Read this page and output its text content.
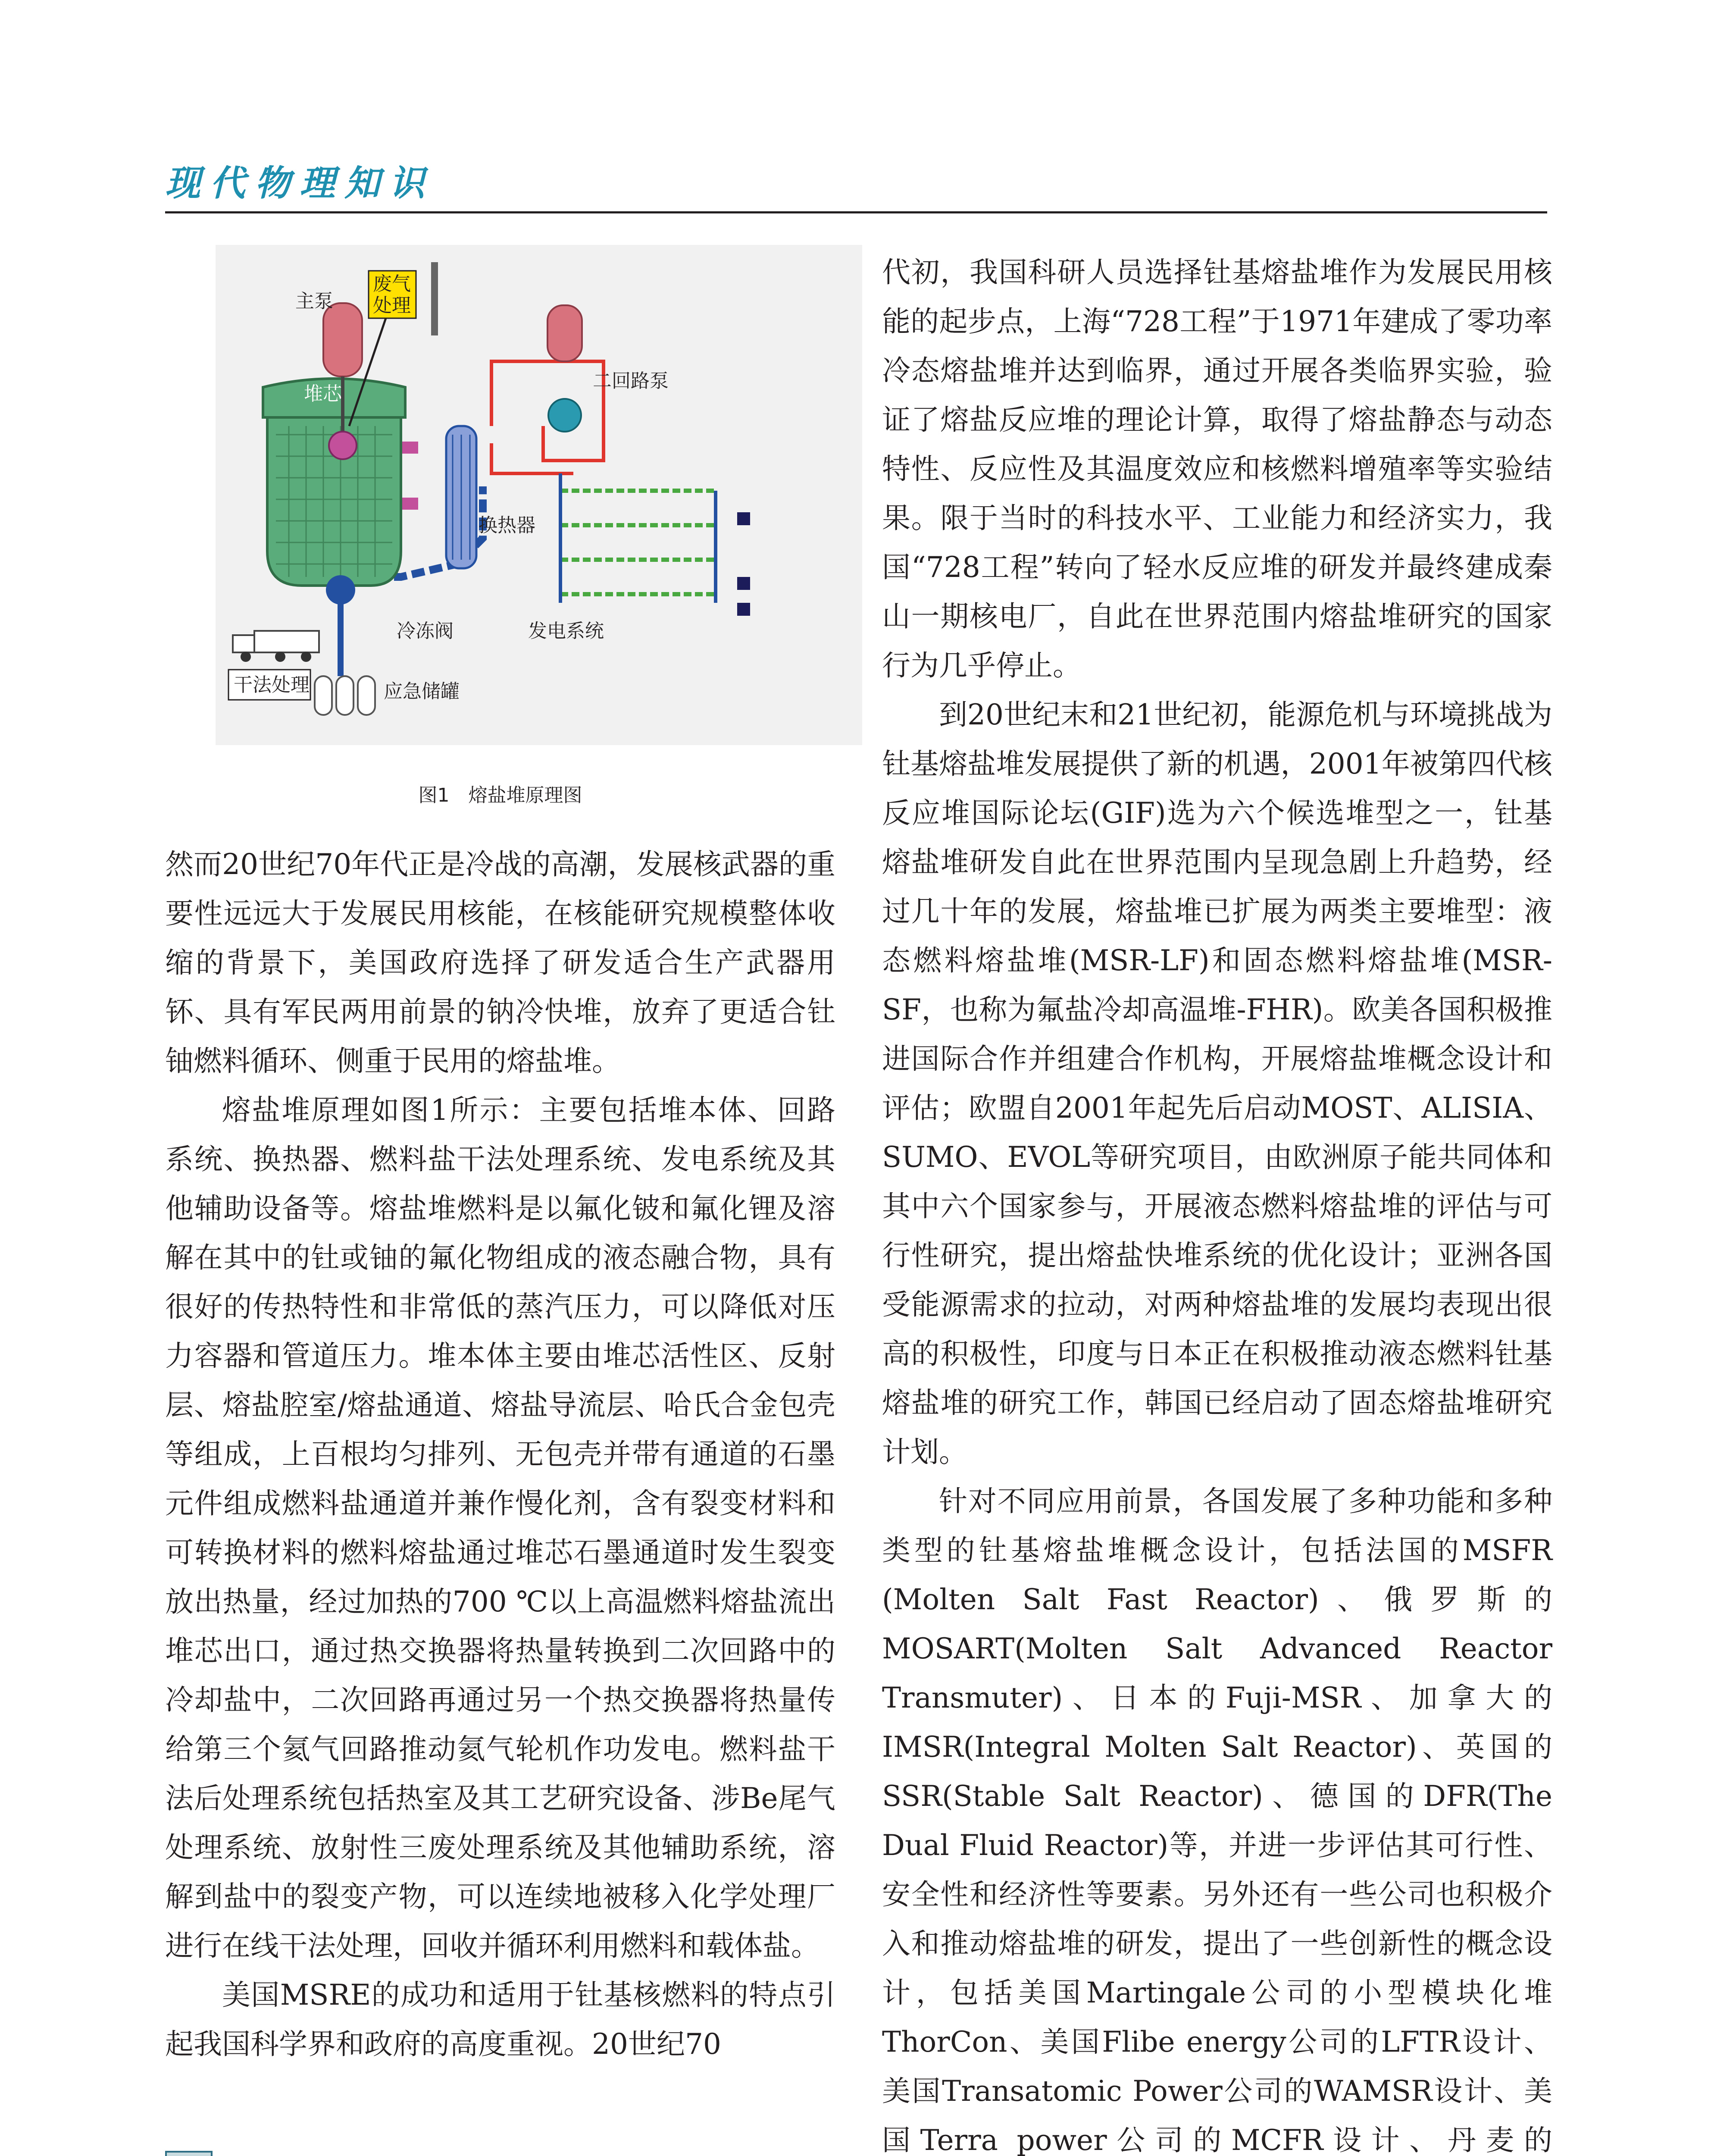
现代物理知识
主泵
废气
处理
堆芯
二回路泵
换热器
冷冻阀	发电系统
干法处理	应急储罐
图1　熔盐堆原理图

然而20世纪70年代正是冷战的高潮，发展核武器的重要性远远大于发展民用核能，在核能研究规模整体收缩的背景下，美国政府选择了研发适合生产武器用钚、具有军民两用前景的钠冷快堆，放弃了更适合钍铀燃料循环、侧重于民用的熔盐堆。

熔盐堆原理如图1所示：主要包括堆本体、回路系统、换热器、燃料盐干法处理系统、发电系统及其他辅助设备等。熔盐堆燃料是以氟化铍和氟化锂及溶解在其中的钍或铀的氟化物组成的液态融合物，具有很好的传热特性和非常低的蒸汽压力，可以降低对压力容器和管道压力。堆本体主要由堆芯活性区、反射层、熔盐腔室/熔盐通道、熔盐导流层、哈氏合金包壳等组成，上百根均匀排列、无包壳并带有通道的石墨元件组成燃料盐通道并兼作慢化剂，含有裂变材料和可转换材料的燃料熔盐通过堆芯石墨通道时发生裂变放出热量，经过加热的700 ℃以上高温燃料熔盐流出堆芯出口，通过热交换器将热量转换到二次回路中的冷却盐中，二次回路再通过另一个热交换器将热量传给第三个氦气回路推动氦气轮机作功发电。燃料盐干法后处理系统包括热室及其工艺研究设备、涉Be尾气处理系统、放射性三废处理系统及其他辅助系统，溶解到盐中的裂变产物，可以连续地被移入化学处理厂进行在线干法处理，回收并循环利用燃料和载体盐。

美国MSRE的成功和适用于钍基核燃料的特点引起我国科学界和政府的高度重视。20世纪70

代初，我国科研人员选择钍基熔盐堆作为发展民用核能的起步点，上海“728工程”于1971年建成了零功率冷态熔盐堆并达到临界，通过开展各类临界实验，验证了熔盐反应堆的理论计算，取得了熔盐静态与动态特性、反应性及其温度效应和核燃料增殖率等实验结果。限于当时的科技水平、工业能力和经济实力，我国“728工程”转向了轻水反应堆的研发并最终建成秦山一期核电厂，自此在世界范围内熔盐堆研究的国家行为几乎停止。

到20世纪末和21世纪初，能源危机与环境挑战为钍基熔盐堆发展提供了新的机遇，2001年被第四代核反应堆国际论坛(GIF)选为六个候选堆型之一，钍基熔盐堆研发自此在世界范围内呈现急剧上升趋势，经过几十年的发展，熔盐堆已扩展为两类主要堆型：液态燃料熔盐堆(MSR-LF)和固态燃料熔盐堆(MSR-SF，也称为氟盐冷却高温堆-FHR)。欧美各国积极推进国际合作并组建合作机构，开展熔盐堆概念设计和评估；欧盟自2001年起先后启动MOST、ALISIA、SUMO、EVOL等研究项目，由欧洲原子能共同体和其中六个国家参与，开展液态燃料熔盐堆的评估与可行性研究，提出熔盐快堆系统的优化设计；亚洲各国受能源需求的拉动，对两种熔盐堆的发展均表现出很高的积极性，印度与日本正在积极推动液态燃料钍基熔盐堆的研究工作，韩国已经启动了固态熔盐堆研究计划。

针对不同应用前景，各国发展了多种功能和多种类型的钍基熔盐堆概念设计，包括法国的MSFR (Molten Salt Fast Reactor)、俄罗斯的MOSART(Molten Salt Advanced Reactor Transmuter)、日本的Fuji-MSR、加拿大的IMSR(Integral Molten Salt Reactor)、英国的SSR(Stable Salt Reactor)、德国的DFR(The Dual Fluid Reactor)等，并进一步评估其可行性、安全性和经济性等要素。另外还有一些公司也积极介入和推动熔盐堆的研发，提出了一些创新性的概念设计，包括美国Martingale公司的小型模块化堆ThorCon、美国Flibe energy公司的LFTR设计、美国Transatomic Power公司的WAMSR设计、美国Terra power公司的MCFR设计、丹麦的
